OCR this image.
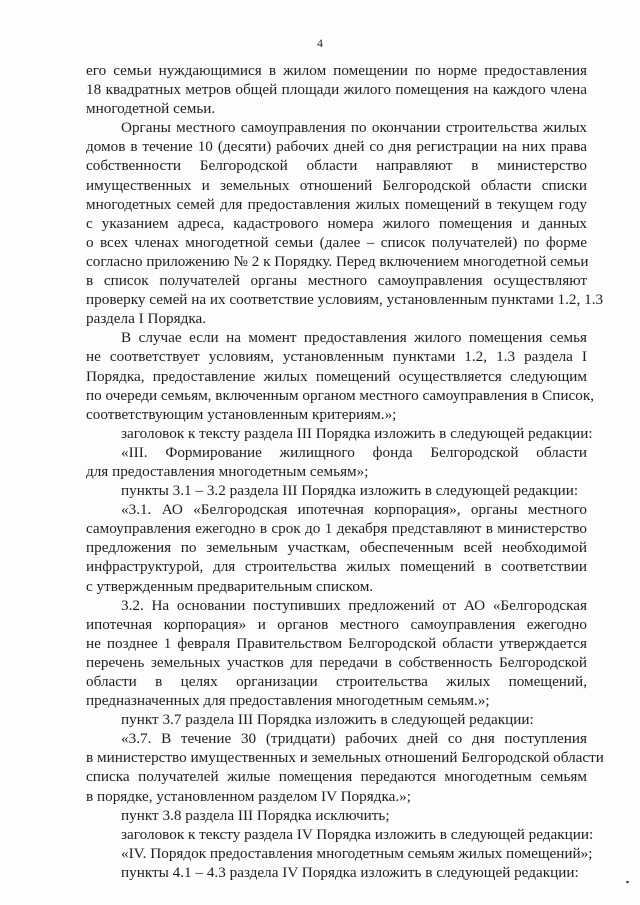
4
его семьи нуждающимися в жилом помещении по норме предоставления
18 квадратных метров общей площади жилого помещения на каждого члена
многодетной семьи.
Органы местного самоуправления по окончании строительства жилых
домов в течение 10 (десяти) рабочих дней со дня регистрации на них права
собственности Белгородской области направляют в министерство
имущественных и земельных отношений Белгородской области списки
многодетных семей для предоставления жилых помещений в текущем году
с указанием адреса, кадастрового номера жилого помещения и данных
о всех членах многодетной семьи (далее – список получателей) по форме
согласно приложению № 2 к Порядку. Перед включением многодетной семьи
в список получателей органы местного самоуправления осуществляют
проверку семей на их соответствие условиям, установленным пунктами 1.2, 1.3
раздела I Порядка.
В случае если на момент предоставления жилого помещения семья
не соответствует условиям, установленным пунктами 1.2, 1.3 раздела I
Порядка, предоставление жилых помещений осуществляется следующим
по очереди семьям, включенным органом местного самоуправления в Список,
соответствующим установленным критериям.»;
заголовок к тексту раздела III Порядка изложить в следующей редакции:
«III. Формирование жилищного фонда Белгородской области
для предоставления многодетным семьям»;
пункты 3.1 – 3.2 раздела III Порядка изложить в следующей редакции:
«3.1. АО «Белгородская ипотечная корпорация», органы местного
самоуправления ежегодно в срок до 1 декабря представляют в министерство
предложения по земельным участкам, обеспеченным всей необходимой
инфраструктурой, для строительства жилых помещений в соответствии
с утвержденным предварительным списком.
3.2. На основании поступивших предложений от АО «Белгородская
ипотечная корпорация» и органов местного самоуправления ежегодно
не позднее 1 февраля Правительством Белгородской области утверждается
перечень земельных участков для передачи в собственность Белгородской
области в целях организации строительства жилых помещений,
предназначенных для предоставления многодетным семьям.»;
пункт 3.7 раздела III Порядка изложить в следующей редакции:
«3.7. В течение 30 (тридцати) рабочих дней со дня поступления
в министерство имущественных и земельных отношений Белгородской области
списка получателей жилые помещения передаются многодетным семьям
в порядке, установленном разделом IV Порядка.»;
пункт 3.8 раздела III Порядка исключить;
заголовок к тексту раздела IV Порядка изложить в следующей редакции:
«IV. Порядок предоставления многодетным семьям жилых помещений»;
пункты 4.1 – 4.3 раздела IV Порядка изложить в следующей редакции:
